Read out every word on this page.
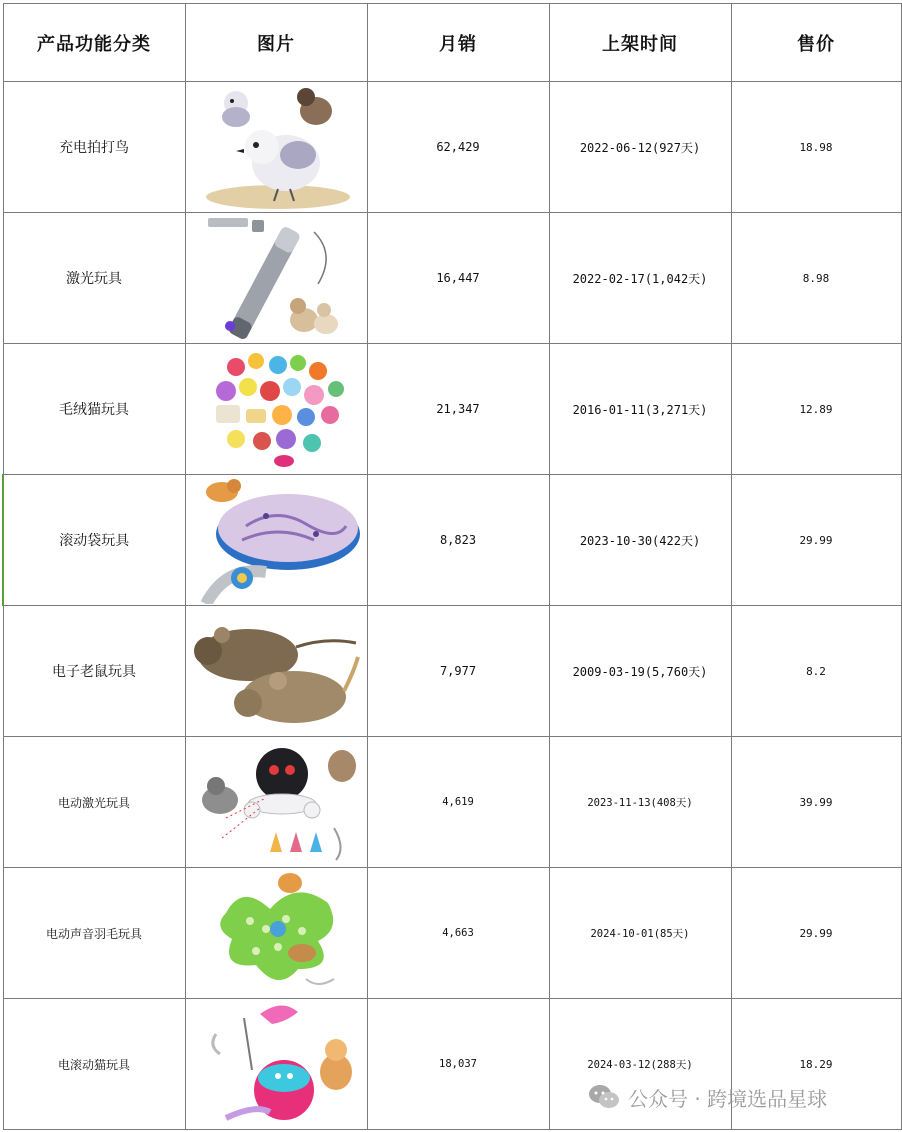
产品功能分类	图片	月销	上架时间	售价
充电拍打鸟		62,429	2022-06-12(927天)	18.98
激光玩具		16,447	2022-02-17(1,042天)	8.98
毛绒猫玩具		21,347	2016-01-11(3,271天)	12.89
滚动袋玩具		8,823	2023-10-30(422天)	29.99
电子老鼠玩具		7,977	2009-03-19(5,760天)	8.2
电动激光玩具		4,619	2023-11-13(408天)	39.99
电动声音羽毛玩具		4,663	2024-10-01(85天)	29.99
电滚动猫玩具		18,037	2024-03-12(288天)	18.29
公众号 · 跨境选品星球
